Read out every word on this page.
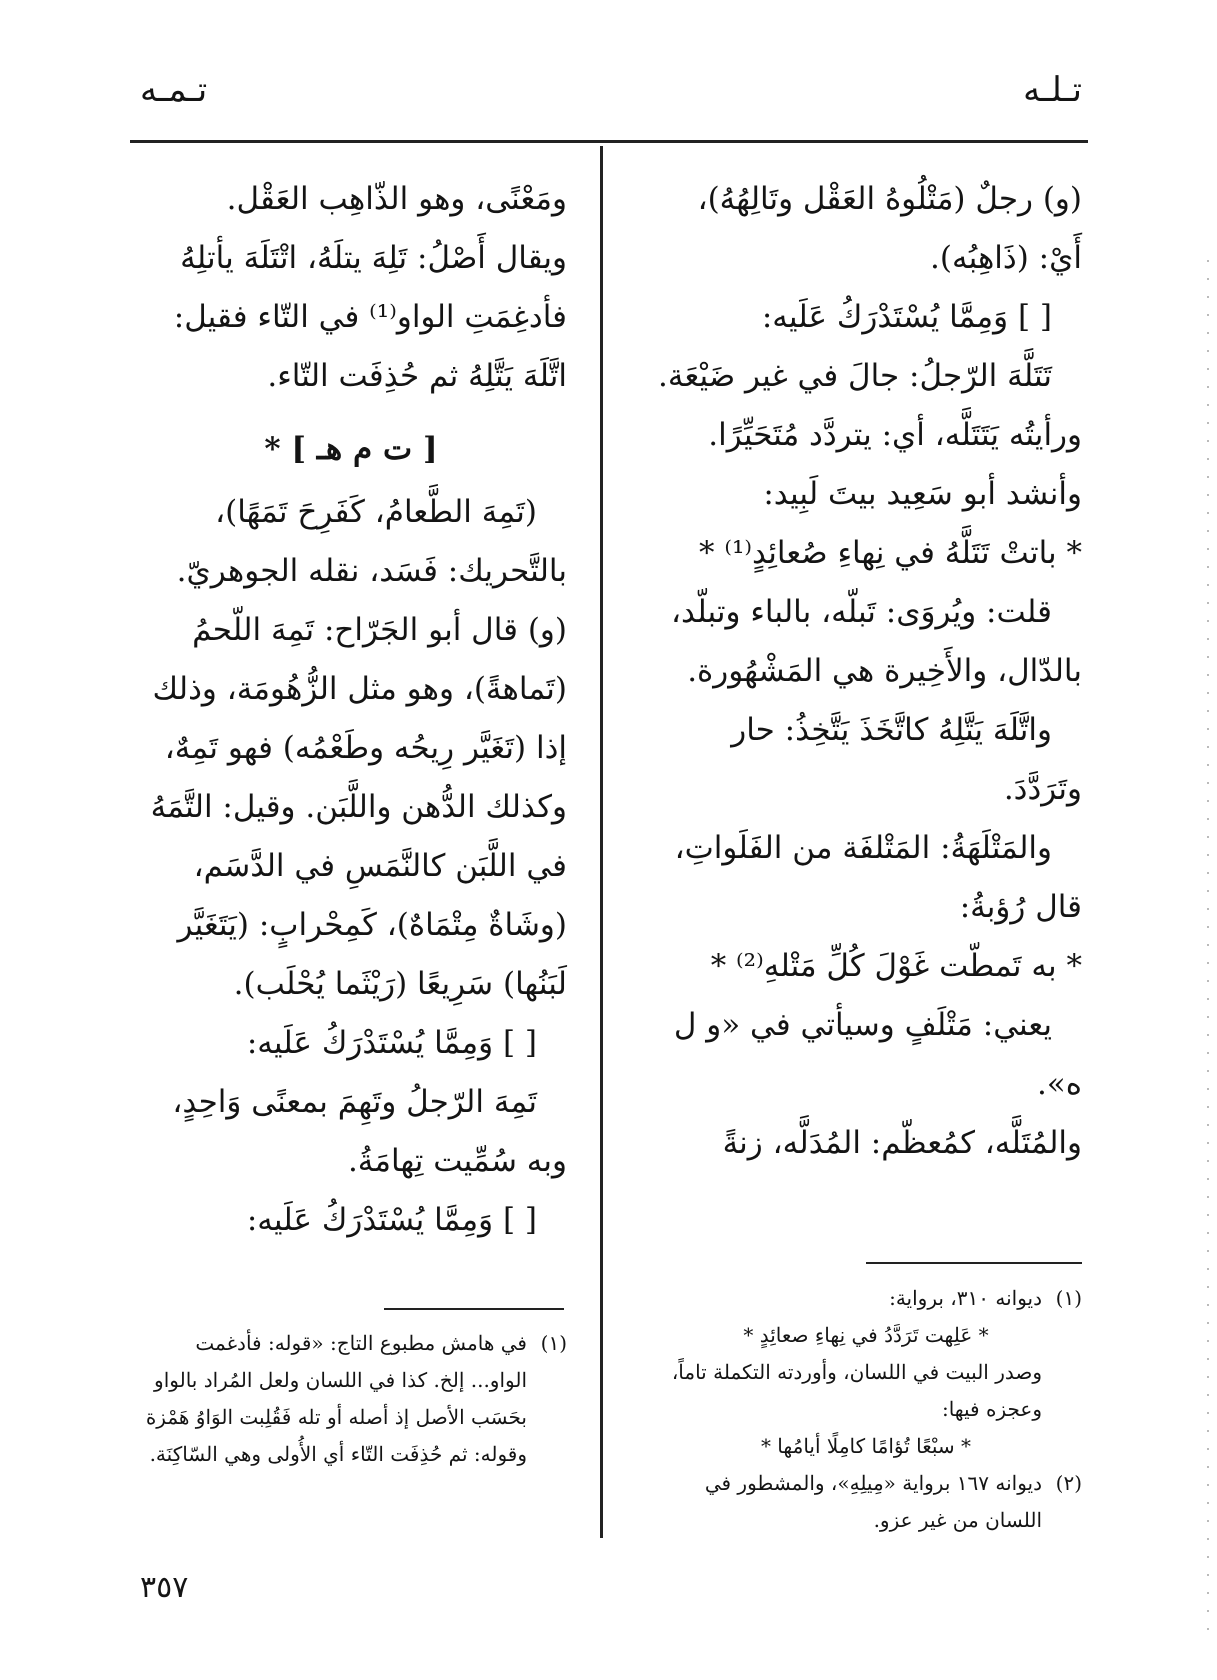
تـلـه
تـمـه

(و) رجلٌ (مَتْلُوهُ العَقْل وتَالِهُهُ)، أَيْ: (ذَاهِبُه).

[ ] وَمِمَّا يُسْتَدْرَكُ عَلَيه:

تَتَلَّهَ الرّجلُ: جالَ في غير ضَيْعَة.

ورأيتُه يَتَتَلَّه، أي: يتردَّد مُتَحَيِّرًا.

وأنشد أبو سَعِيد بيتَ لَبِيد:

* باتتْ تَتَلَّهُ في نِهاءِ صُعائِدٍ⁽¹⁾ *

قلت: ويُروَى: تَبلّه، بالباء وتبلّد، بالدّال، والأَخِيرة هي المَشْهُورة.

واتَّلَهَ يَتَّلِهُ كاتَّخَذَ يَتَّخِذُ: حار وتَرَدَّدَ.

والمَتْلَهَةُ: المَتْلفَة من الفَلَواتِ، قال رُؤبةُ:

* به تَمطّت غَوْلَ كُلِّ مَتْلهِ⁽²⁾ *

يعني: مَتْلَفٍ وسيأتي في «و ل ه».

والمُتَلَّه، كمُعظّم: المُدَلَّه، زنةً

ومَعْنًى، وهو الذّاهِب العَقْل.

ويقال أَصْلُ: تَلِهَ يتلَهُ، اتْتَلَهَ يأتلِهُ فأدغِمَتِ الواو⁽¹⁾ في التّاء فقيل: اتَّلَهَ يَتَّلِهُ ثم حُذِفَت التّاء.

[ ت م هـ ] *

(تَمِهَ الطَّعامُ، كَفَرِحَ تَمَهًا)، بالتَّحريك: فَسَد، نقله الجوهريّ.

(و) قال أبو الجَرّاح: تَمِهَ اللّحمُ (تَماهةً)، وهو مثل الزُّهُومَة، وذلك إذا (تَغَيَّر رِيحُه وطَعْمُه) فهو تَمِهٌ، وكذلك الدُّهن واللَّبَن. وقيل: التَّمَهُ في اللَّبَن كالنَّمَسِ في الدَّسَم، (وشَاةٌ مِتْمَاهٌ)، كَمِحْرابٍ: (يَتَغَيَّر لَبَنُها) سَرِيعًا (رَيْثَما يُحْلَب).

[ ] وَمِمَّا يُسْتَدْرَكُ عَلَيه:

تَمِهَ الرّجلُ وتَهِمَ بمعنًى وَاحِدٍ، وبه سُمِّيت تِهامَةُ.

[ ] وَمِمَّا يُسْتَدْرَكُ عَلَيه:

(١)ديوانه ٣١٠، برواية:

* عَلِهت تَرَدَّدُ في نِهاءِ صعائِدٍ *

وصدر البيت في اللسان، وأوردته التكملة تاماً، وعجزه فيها:

* سبْعًا تُؤامًا كامِلًا أيامُها *

(٢)ديوانه ١٦٧ برواية «مِيلِهِ»، والمشطور في اللسان من غير عزو.

(١)في هامش مطبوع التاج: «قوله: فأدغمت الواو... إلخ. كذا في اللسان ولعل المُراد بالواو بحَسَب الأصل إذ أصله أو تله فَقُلِبت الوَاوُ هَمْزة وقوله: ثم حُذِفَت التّاء أي الأُولى وهي السّاكِنَة.

٣٥٧
